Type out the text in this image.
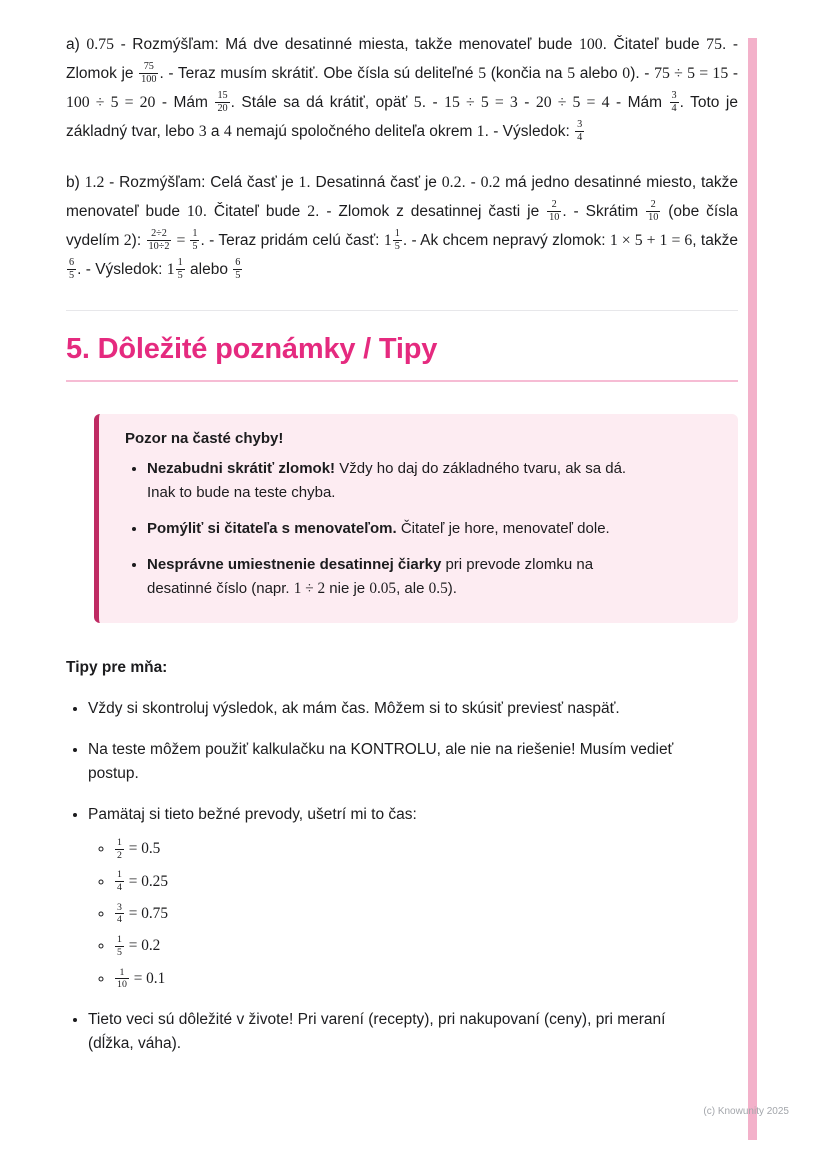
a) 0.75 - Rozmýšľam: Má dve desatinné miesta, takže menovateľ bude 100. Čitateľ bude 75. - Zlomok je $\frac{75}{100}$ . - Teraz musím skrátiť. Obe čísla sú deliteľné 5 (končia na 5 alebo 0). - 75 ÷ 5 = 15 - 100 ÷ 5 = 20 - Mám $\frac{15}{20}$ . Stále sa dá krátiť, opäť 5. - 15 ÷ 5 = 3 - 20 ÷ 5 = 4 - Mám $\frac{3}{4}$ . Toto je základný tvar, lebo 3 a 4 nemajú spoločného deliteľa okrem 1. - Výsledok: $\frac{3}{4}$

b) 1.2 - Rozmýšľam: Celá časť je 1. Desatinná časť je 0.2. - 0.2 má jedno desatinné miesto, takže menovateľ bude 10. Čitateľ bude 2. - Zlomok z desatinnej časti je $\frac{2}{10}$ . - Skrátim $\frac{2}{10} (obe$ čísla vydelím 2): $\frac{2\div 2}{10\div 2} = \frac{1}{5}$ . - Teraz pridám celú časť: $1 \frac{1}{5}$ . - Ak chcem nepravý zlomok: 1 × 5 + 1 = 6, takže
$\frac{6}{5}$ . - Výsledok: $1 \frac{1}{5}$ alebo $\frac{6}{5}$

5. Dôležité poznámky / Tipy
Pozor na časté chyby!
• Nezabudni skrátiť zlomok! Vždy ho daj do základného tvaru, ak sa dá. Inak to bude na teste chyba.
• Pomýliť si čitateľa s menovateľom. Čitateľ je hore, menovateľ dole.
• Nesprávne umiestnenie desatinnej čiarky pri prevode zlomku na desatinné číslo (napr. 1 ÷ 2 nie je 0.05, ale 0.5).
Tipy pre mňa:
• Vždy si skontroluj výsledok, ak mám čas. Môžem si to skúsiť previesť naspäť.
• Na teste môžem použiť kalkulačku na KONTROLU, ale nie na riešenie! Musím vedieť postup.
• Pamätaj si tieto bežné prevody, ušetrí mi to čas:
◦ $\frac{1}{2} = 0.5$
◦ $\frac{1}{4} = 0.25$
◦ $\frac{3}{4} = 0.75$
◦ $\frac{1}{5} = 0.2$
◦ $\frac{1}{10} = 0.1$
• Tieto veci sú dôležité v živote! Pri varení (recepty), pri nakupovaní (ceny), pri meraní (dĺžka, váha).
(c) Knowunity 2025
